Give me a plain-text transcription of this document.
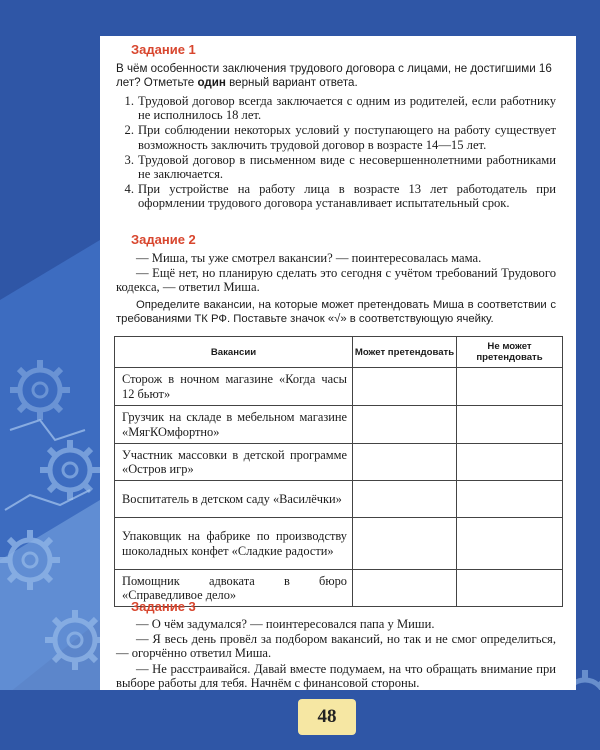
Задание 1
В чём особенности заключения трудового договора с лицами, не достигшими 16 лет? Отметьте один верный вариант ответа.
1. Трудовой договор всегда заключается с одним из родителей, если работнику не исполнилось 18 лет.
2. При соблюдении некоторых условий у поступающего на работу существует возможность заключить трудовой договор в возрасте 14—15 лет.
3. Трудовой договор в письменном виде с несовершеннолетними работниками не заключается.
4. При устройстве на работу лица в возрасте 13 лет работодатель при оформлении трудового договора устанавливает испытательный срок.
Задание 2

— Миша, ты уже смотрел вакансии? — поинтересовалась мама.

— Ещё нет, но планирую сделать это сегодня с учётом требований Трудового кодекса, — ответил Миша.

Определите вакансии, на которые может претендовать Миша в соответствии с требованиями ТК РФ. Поставьте значок «√» в соответствующую ячейку.
Вакансии	Может претендовать	Не может претендовать
Сторож в ночном магазине «Когда часы 12 бьют»		
Грузчик на складе в мебельном магазине «МягКОмфортно»		
Участник массовки в детской программе «Остров игр»		
Воспитатель в детском саду «Василёчки»		
Упаковщик на фабрике по производству шоколадных конфет «Сладкие радости»		
Помощник адвоката в бюро «Справедливое дело»		
Задание 3

— О чём задумался? — поинтересовался папа у Миши.

— Я весь день провёл за подбором вакансий, но так и не смог определиться, — огорчённо ответил Миша.

— Не расстраивайся. Давай вместе подумаем, на что обращать внимание при выборе работы для тебя. Начнём с финансовой стороны.

48
